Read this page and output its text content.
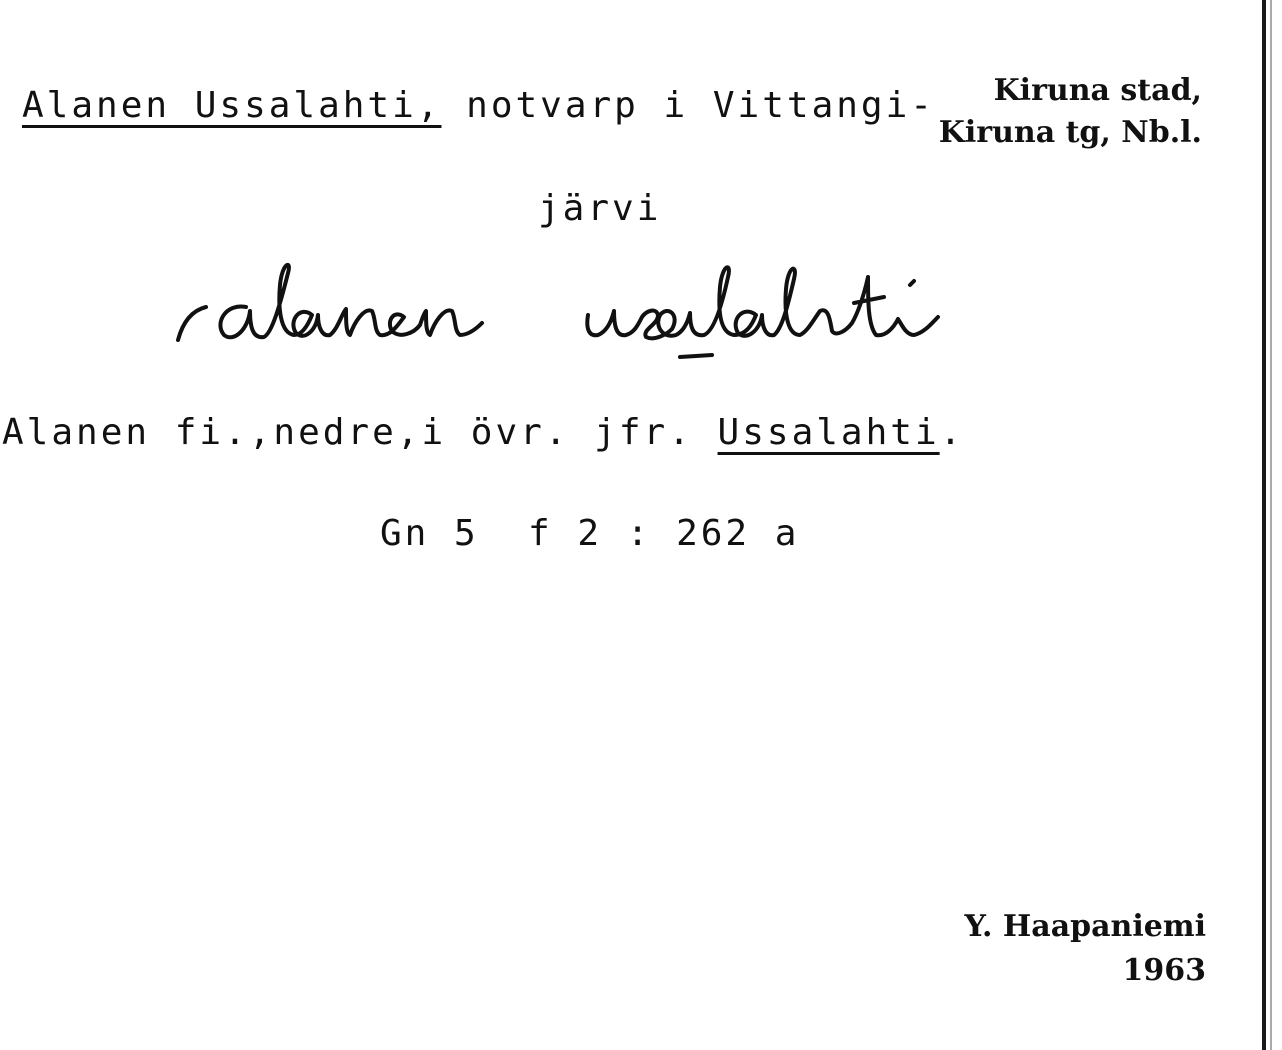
Alanen Ussalahti, notvarp i Vittangi-	Kiruna stad,
Kiruna tg, Nb.l.
järvi
Alanen fi.,nedre,i övr. jfr. Ussalahti.
Gn 5  f 2 : 262 a
Y. Haapaniemi
1963
